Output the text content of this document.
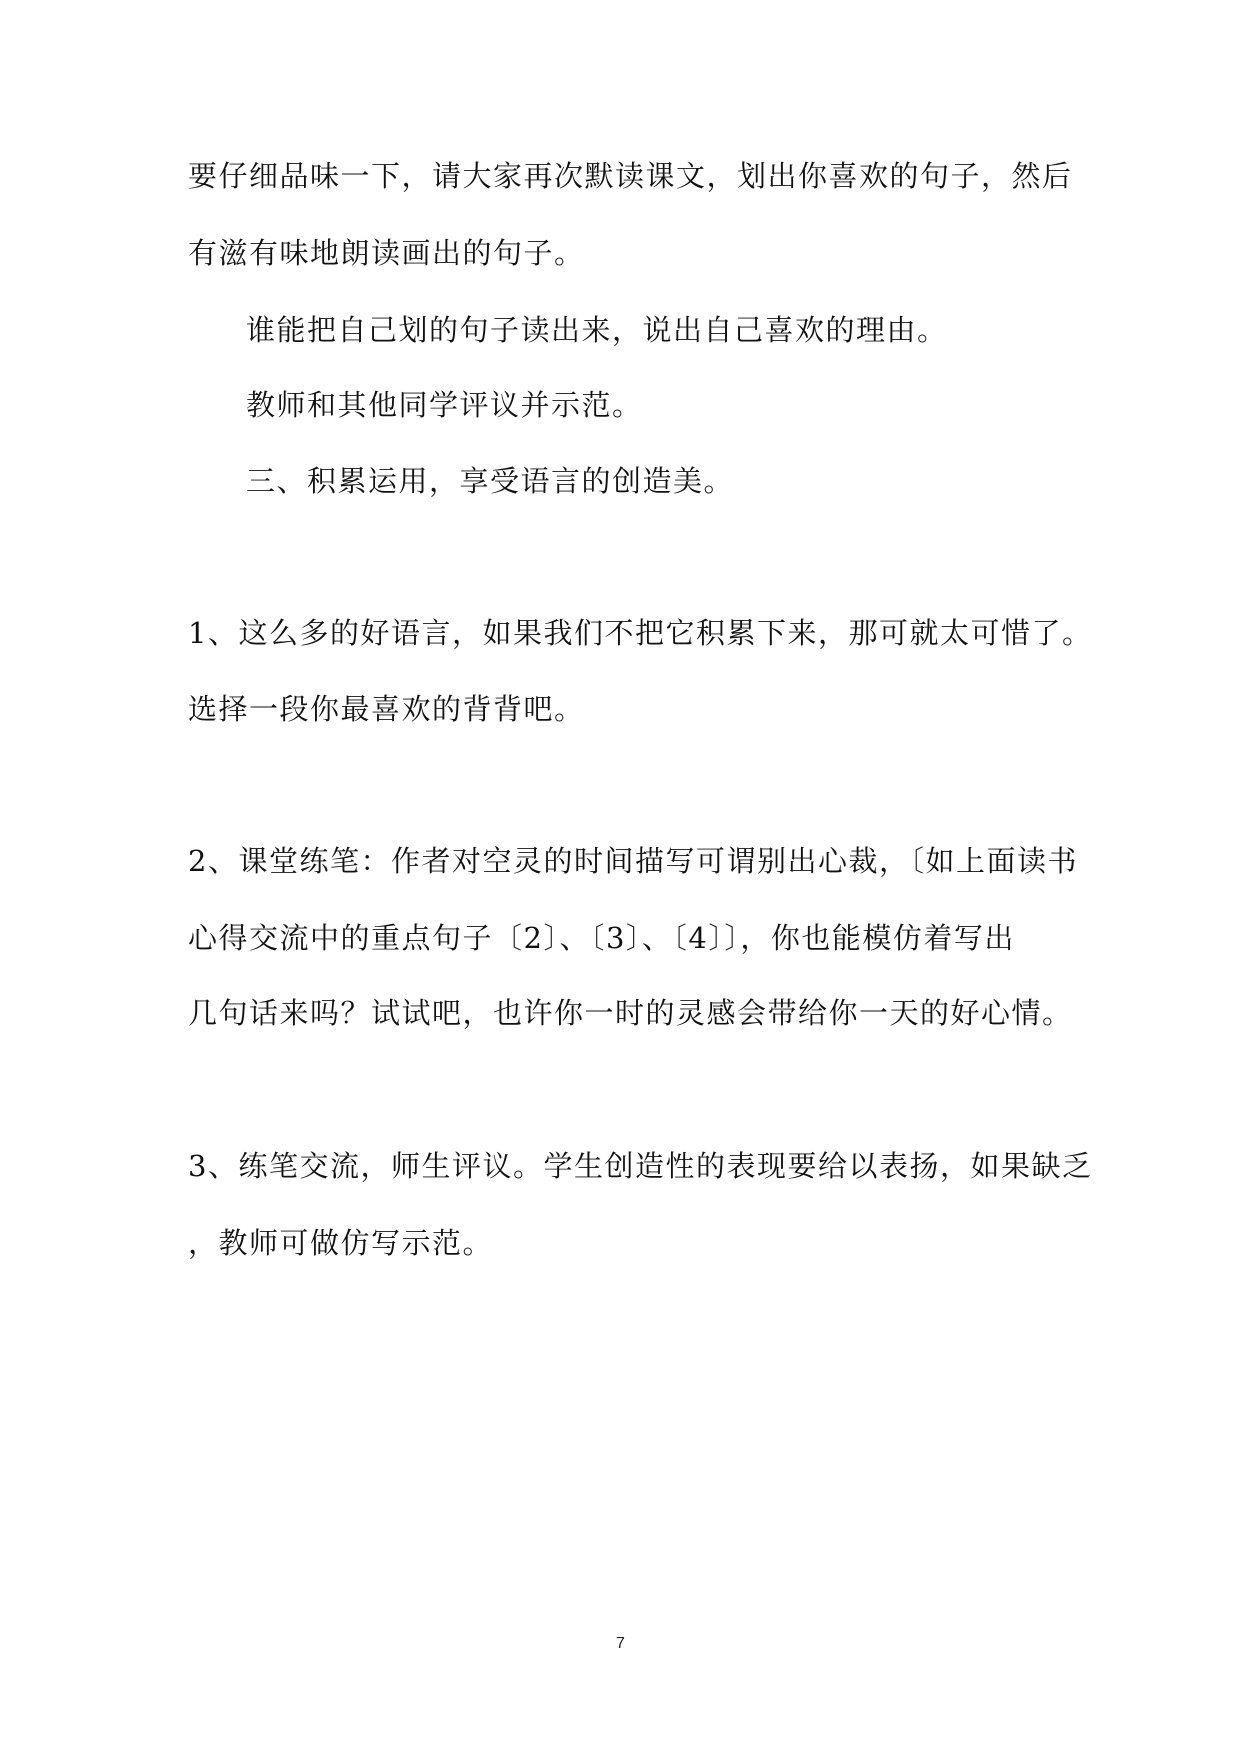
要仔细品味一下，请大家再次默读课文，划出你喜欢的句子，然后
有滋有味地朗读画出的句子。
谁能把自己划的句子读出来，说出自己喜欢的理由。
教师和其他同学评议并示范。
三、积累运用，享受语言的创造美。
1、这么多的好语言，如果我们不把它积累下来，那可就太可惜了。
选择一段你最喜欢的背背吧。
2、课堂练笔：作者对空灵的时间描写可谓别出心裁，〔如上面读书
心得交流中的重点句子〔2〕、〔3〕、〔4〕〕，你也能模仿着写出
几句话来吗？试试吧，也许你一时的灵感会带给你一天的好心情。
3、练笔交流，师生评议。学生创造性的表现要给以表扬，如果缺乏
，教师可做仿写示范。
7
